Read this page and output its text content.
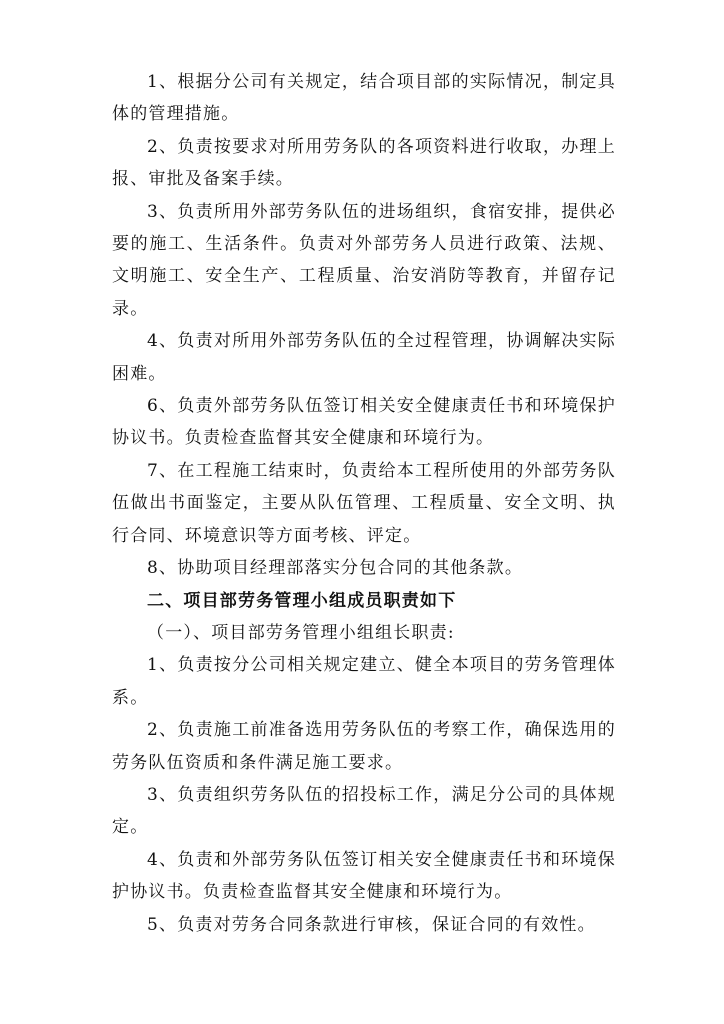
1、根据分公司有关规定，结合项目部的实际情况，制定具体的管理措施。

2、负责按要求对所用劳务队的各项资料进行收取，办理上报、审批及备案手续。

3、负责所用外部劳务队伍的进场组织，食宿安排，提供必要的施工、生活条件。负责对外部劳务人员进行政策、法规、文明施工、安全生产、工程质量、治安消防等教育，并留存记录。

4、负责对所用外部劳务队伍的全过程管理，协调解决实际困难。

6、负责外部劳务队伍签订相关安全健康责任书和环境保护协议书。负责检查监督其安全健康和环境行为。

7、在工程施工结束时，负责给本工程所使用的外部劳务队伍做出书面鉴定，主要从队伍管理、工程质量、安全文明、执行合同、环境意识等方面考核、评定。

8、协助项目经理部落实分包合同的其他条款。

二、项目部劳务管理小组成员职责如下

（一）、项目部劳务管理小组组长职责:

1、负责按分公司相关规定建立、健全本项目的劳务管理体系。

2、负责施工前准备选用劳务队伍的考察工作，确保选用的劳务队伍资质和条件满足施工要求。

3、负责组织劳务队伍的招投标工作，满足分公司的具体规定。

4、负责和外部劳务队伍签订相关安全健康责任书和环境保护协议书。负责检查监督其安全健康和环境行为。

5、负责对劳务合同条款进行审核，保证合同的有效性。
